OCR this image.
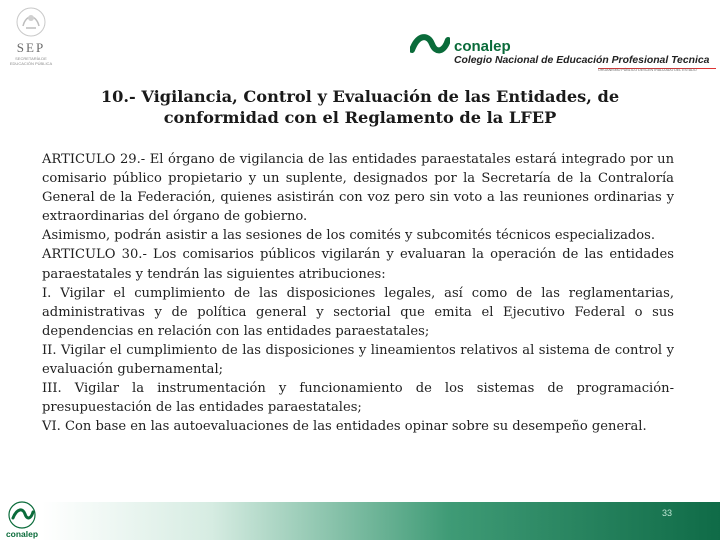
SEP
SECRETARÍA DE EDUCACIÓN PÚBLICA
conalep
Colegio Nacional de Educación Profesional Tecnica
ORGANISMO PÚBLICO DESCENTRALIZADO DEL ESTADO
10.- Vigilancia, Control y Evaluación de las Entidades, de
conformidad con el Reglamento de la LFEP

ARTICULO 29.- El órgano de vigilancia de las entidades paraestatales estará integrado por un comisario público propietario y un suplente, designados por la Secretaría de la Contraloría General de la Federación, quienes asistirán con voz pero sin voto a las reuniones ordinarias y extraordinarias del órgano de gobierno.

Asimismo, podrán asistir a las sesiones de los comités y subcomités técnicos especializados.

ARTICULO 30.- Los comisarios públicos vigilarán y evaluaran la operación de las entidades paraestatales y tendrán las siguientes atribuciones:

I. Vigilar el cumplimiento de las disposiciones legales, así como de las reglamentarias, administrativas y de política general y sectorial que emita el Ejecutivo Federal o sus dependencias en relación con las entidades paraestatales;

II. Vigilar el cumplimiento de las disposiciones y lineamientos relativos al sistema de control y evaluación gubernamental;

III. Vigilar la instrumentación y funcionamiento de los sistemas de programación-presupuestación de las entidades paraestatales;

VI. Con base en las autoevaluaciones de las entidades opinar sobre su desempeño general.

33
conalep
